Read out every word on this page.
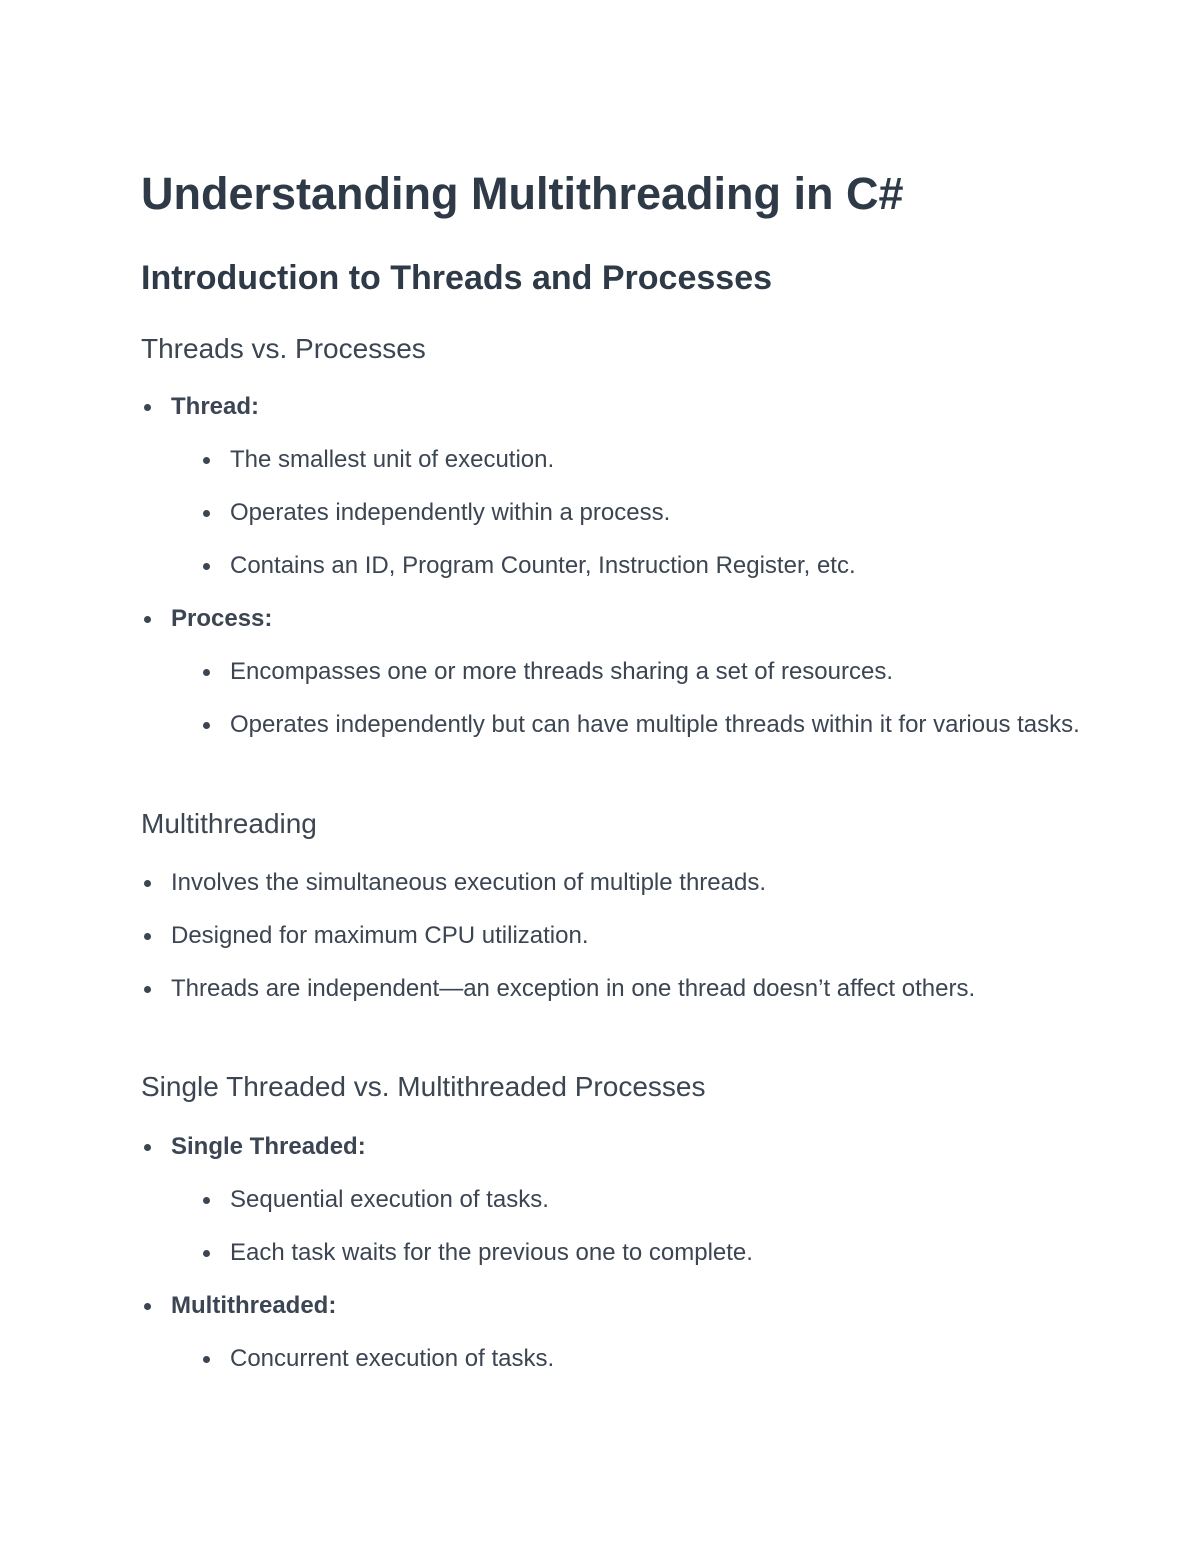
Understanding Multithreading in C#
Introduction to Threads and Processes
Threads vs. Processes
Thread:
The smallest unit of execution.
Operates independently within a process.
Contains an ID, Program Counter, Instruction Register, etc.
Process:
Encompasses one or more threads sharing a set of resources.
Operates independently but can have multiple threads within it for various tasks.
Multithreading
Involves the simultaneous execution of multiple threads.
Designed for maximum CPU utilization.
Threads are independent—an exception in one thread doesn’t affect others.
Single Threaded vs. Multithreaded Processes
Single Threaded:
Sequential execution of tasks.
Each task waits for the previous one to complete.
Multithreaded:
Concurrent execution of tasks.
